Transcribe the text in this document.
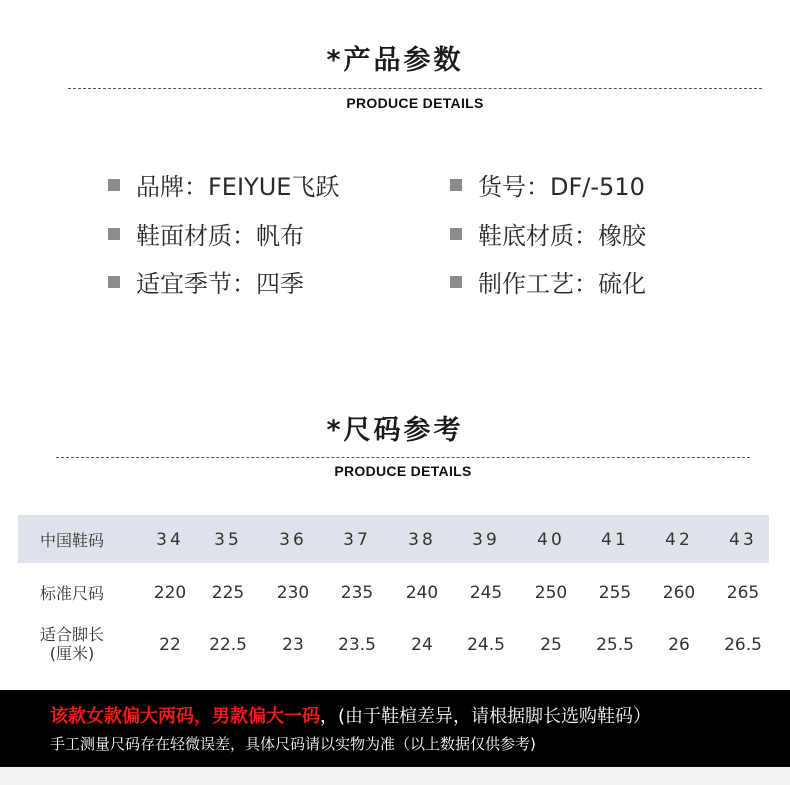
*产品参数
PRODUCE DETAILS
品牌：FEIYUE飞跃	货号：DF/-510
鞋面材质：帆布	鞋底材质：橡胶
适宜季节：四季	制作工艺：硫化
*尺码参考
PRODUCE DETAILS
中国鞋码	34	35	36	37	38	39	40	41	42	43
标准尺码	220	225	230	235	240	245	250	255	260	265
适合脚长
(厘米)	22	22.5	23	23.5	24	24.5	25	25.5	26	26.5
该款女款偏大两码，男款偏大一码，(由于鞋楦差异，请根据脚长选购鞋码）
手工测量尺码存在轻微误差，具体尺码请以实物为准（以上数据仅供参考)
